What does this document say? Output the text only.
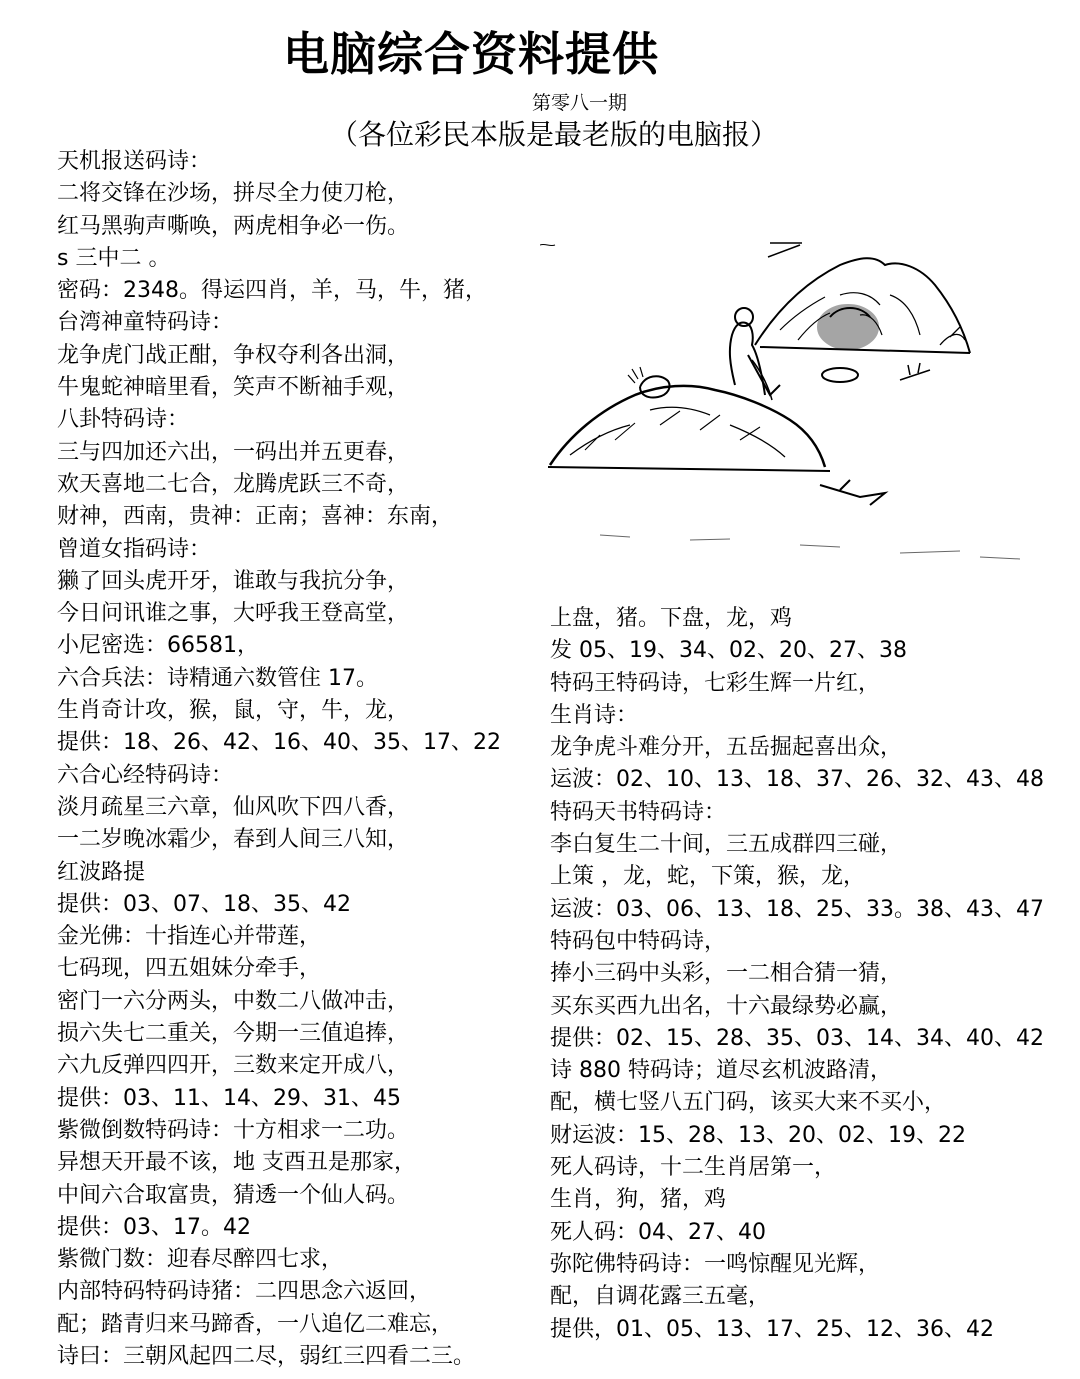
电脑综合资料提供
第零八一期
（各位彩民本版是最老版的电脑报）
天机报送码诗：
二将交锋在沙场，拼尽全力使刀枪，
红马黑驹声嘶唤，两虎相争必一伤。
s 三中二 。
密码：2348。得运四肖，羊，马，牛，猪，
台湾神童特码诗：
龙争虎门战正酣，争权夺利各出洞，
牛鬼蛇神暗里看，笑声不断袖手观，
八卦特码诗：
三与四加还六出，一码出并五更春，
欢天喜地二七合，龙腾虎跃三不奇，
财神，西南，贵神：正南；喜神：东南，
曾道女指码诗：
獭了回头虎开牙，谁敢与我抗分争，
今日问讯谁之事，大呼我王登高堂，
小尼密选：66581，
六合兵法：诗精通六数管住 17。
生肖奇计攻，猴，鼠，守，牛，龙，
提供：18、26、42、16、40、35、17、22
六合心经特码诗：
淡月疏星三六章，仙风吹下四八香，
一二岁晚冰霜少，春到人间三八知，
红波路提
提供：03、07、18、35、42
金光佛：十指连心并带莲，
七码现，四五姐妹分牵手，
密门一六分两头，中数二八做冲击，
损六失七二重关，今期一三值追捧，
六九反弹四四开，三数来定开成八，
提供：03、11、14、29、31、45
紫微倒数特码诗：十方相求一二功。
异想天开最不该，地 支酉丑是那家，
中间六合取富贵，猜透一个仙人码。
提供：03、17。42
紫微门数：迎春尽醉四七求，
内部特码特码诗猪：二四思念六返回，
配；踏青归来马蹄香，一八追亿二难忘，
诗曰：三朝风起四二尽，弱红三四看二三。
上盘，猪。下盘，龙，鸡
发 05、19、34、02、20、27、38
特码王特码诗，七彩生辉一片红，
生肖诗：
龙争虎斗难分开，五岳掘起喜出众，
运波：02、10、13、18、37、26、32、43、48
特码天书特码诗：
李白复生二十间，三五成群四三碰，
上策 ，龙，蛇，下策，猴，龙，
运波：03、06、13、18、25、33。38、43、47
特码包中特码诗，
捧小三码中头彩，一二相合猜一猜，
买东买西九出名，十六最绿势必赢，
提供：02、15、28、35、03、14、34、40、42
诗 880 特码诗；道尽玄机波路清，
配，横七竖八五门码，该买大来不买小，
财运波：15、28、13、20、02、19、22
死人码诗，十二生肖居第一，
生肖，狗，猪，鸡
死人码：04、27、40
弥陀佛特码诗：一鸣惊醒见光辉，
配，自调花露三五毫，
提供，01、05、13、17、25、12、36、42
